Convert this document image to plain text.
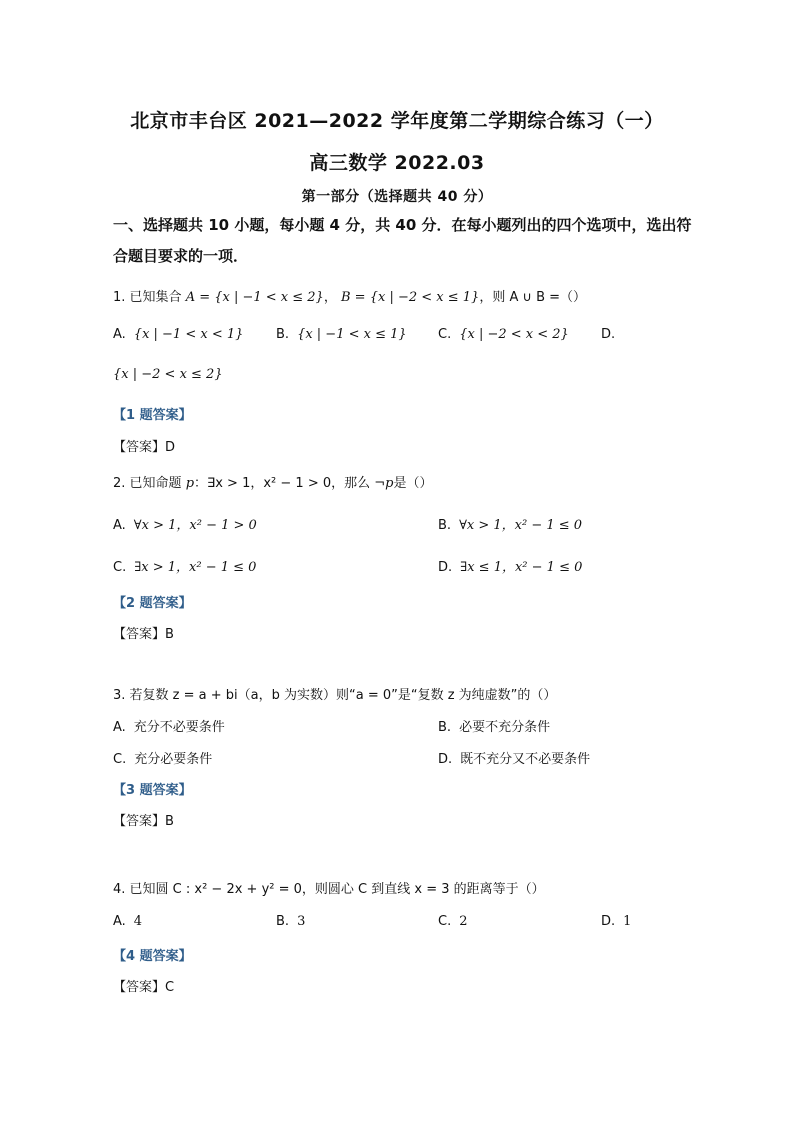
北京市丰台区 2021—2022 学年度第二学期综合练习（一）
高三数学 2022.03
第一部分（选择题共 40 分）
一、选择题共 10 小题，每小题 4 分，共 40 分．在每小题列出的四个选项中，选出符合题目要求的一项．
1. 已知集合 A = {x | −1 < x ≤ 2}， B = {x | −2 < x ≤ 1}，则 A ∪ B =（）
A. {x | −1 < x < 1}	B. {x | −1 < x ≤ 1} C. {x | −2 < x < 2} D.
{x | −2 < x ≤ 2}
【1 题答案】
【答案】D
2. 已知命题 p：∃x > 1，x² − 1 > 0，那么 ¬p是（）
A. ∀x > 1，x² − 1 > 0	B. ∀x > 1，x² − 1 ≤ 0
C. ∃x > 1，x² − 1 ≤ 0	D. ∃x ≤ 1，x² − 1 ≤ 0
【2 题答案】
【答案】B
3. 若复数 z = a + bi（a，b 为实数）则“a = 0”是“复数 z 为纯虚数”的（）
A. 充分不必要条件	B. 必要不充分条件
C. 充分必要条件	D. 既不充分又不必要条件
【3 题答案】
【答案】B
4. 已知圆 C : x² − 2x + y² = 0，则圆心 C 到直线 x = 3 的距离等于（）
A. 4	B. 3	C. 2	D. 1
【4 题答案】
【答案】C
